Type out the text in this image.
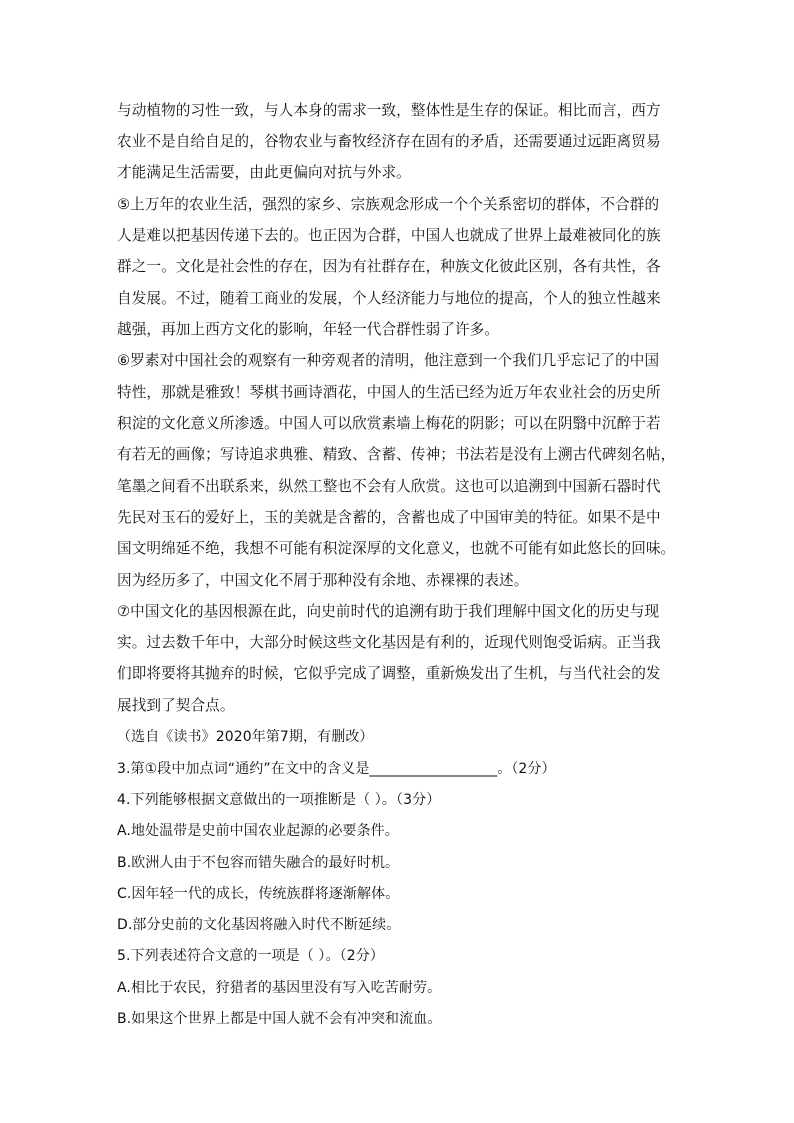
与动植物的习性一致，与人本身的需求一致，整体性是生存的保证。相比而言，西方
农业不是自给自足的，谷物农业与畜牧经济存在固有的矛盾，还需要通过远距离贸易
才能满足生活需要，由此更偏向对抗与外求。
⑤上万年的农业生活，强烈的家乡、宗族观念形成一个个关系密切的群体，不合群的
人是难以把基因传递下去的。也正因为合群，中国人也就成了世界上最难被同化的族
群之一。文化是社会性的存在，因为有社群存在，种族文化彼此区别，各有共性，各
自发展。不过，随着工商业的发展，个人经济能力与地位的提高，个人的独立性越来
越强，再加上西方文化的影响，年轻一代合群性弱了许多。
⑥罗素对中国社会的观察有一种旁观者的清明，他注意到一个我们几乎忘记了的中国
特性，那就是雅致！琴棋书画诗酒花，中国人的生活已经为近万年农业社会的历史所
积淀的文化意义所渗透。中国人可以欣赏素墙上梅花的阴影；可以在阴翳中沉醉于若
有若无的画像；写诗追求典雅、精致、含蓄、传神；书法若是没有上溯古代碑刻名帖，
笔墨之间看不出联系来，纵然工整也不会有人欣赏。这也可以追溯到中国新石器时代
先民对玉石的爱好上，玉的美就是含蓄的，含蓄也成了中国审美的特征。如果不是中
国文明绵延不绝，我想不可能有积淀深厚的文化意义，也就不可能有如此悠长的回味。
因为经历多了，中国文化不屑于那种没有余地、赤裸裸的表述。
⑦中国文化的基因根源在此，向史前时代的追溯有助于我们理解中国文化的历史与现
实。过去数千年中，大部分时候这些文化基因是有利的，近现代则饱受诟病。正当我
们即将要将其抛弃的时候，它似乎完成了调整，重新焕发出了生机，与当代社会的发
展找到了契合点。
（选自《读书》2020年第7期，有删改）
3.第①段中加点词“通约”在文中的含义是__________________。（2分）
4.下列能够根据文意做出的一项推断是（ ）。（3分）
A.地处温带是史前中国农业起源的必要条件。
B.欧洲人由于不包容而错失融合的最好时机。
C.因年轻一代的成长，传统族群将逐渐解体。
D.部分史前的文化基因将融入时代不断延续。
5.下列表述符合文意的一项是（ ）。（2分）
A.相比于农民，狩猎者的基因里没有写入吃苦耐劳。
B.如果这个世界上都是中国人就不会有冲突和流血。
